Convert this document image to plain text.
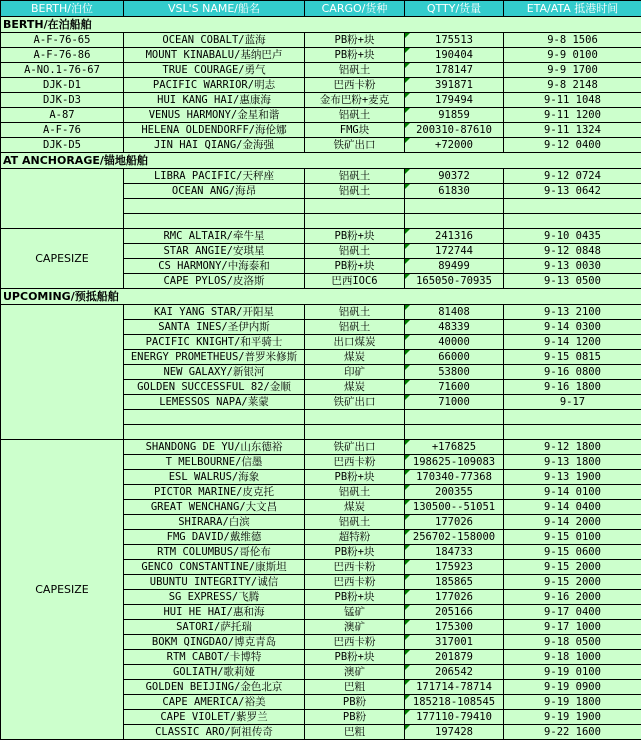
BERTH/泊位	VSL'S NAME/船名	CARGO/货种	QTTY/货量	ETA/ATA 抵港时间
BERTH/在泊船舶				
A-F-76-65	OCEAN COBALT/蓝海	PB粉+块	175513	9-8 1506
A-F-76-86	MOUNT KINABALU/基纳巴卢	PB粉+块	190404	9-9 0100
A-NO.1-76-67	TRUE COURAGE/勇气	铝矾土	178147	9-9 1700
DJK-D1	PACIFIC WARRIOR/明志	巴西卡粉	391871	9-8 2148
DJK-D3	HUI KANG HAI/惠康海	金布巴粉+麦克	179494	9-11 1048
A-87	VENUS HARMONY/金星和谐	铝矾土	91859	9-11 1200
A-F-76	HELENA OLDENDORFF/海伦娜	FMG块	200310-87610	9-11 1324
DJK-D5	JIN HAI QIANG/金海强	铁矿出口	+72000	9-12 0400
AT ANCHORAGE/锚地船舶				
	LIBRA PACIFIC/天秤座	铝矾土	90372	9-12 0724
	OCEAN ANG/海昂	铝矾土	61830	9-13 0642

CAPESIZE	RMC ALTAIR/牵牛星	PB粉+块	241316	9-10 0435
	STAR ANGIE/安琪星	铝矾土	172744	9-12 0848
	CS HARMONY/中海泰和	PB粉+块	89499	9-13 0030
	CAPE PYLOS/皮洛斯	巴西IOC6	165050-70935	9-13 0500
UPCOMING/预抵船舶				
	KAI YANG STAR/开阳星	铝矾土	81408	9-13 2100
	SANTA INES/圣伊内斯	铝矾土	48339	9-14 0300
	PACIFIC KNIGHT/和平骑士	出口煤炭	40000	9-14 1200
	ENERGY PROMETHEUS/普罗米修斯	煤炭	66000	9-15 0815
	NEW GALAXY/新银河	印矿	53800	9-16 0800
	GOLDEN SUCCESSFUL 82/金顺	煤炭	71600	9-16 1800
	LEMESSOS NAPA/莱蒙	铁矿出口	71000	9-17

CAPESIZE	SHANDONG DE YU/山东德裕	铁矿出口	+176825	9-12 1800
	T MELBOURNE/信墨	巴西卡粉	198625-109083	9-13 1800
	ESL WALRUS/海象	PB粉+块	170340-77368	9-13 1900
	PICTOR MARINE/皮克托	铝矾土	200355	9-14 0100
	GREAT WENCHANG/大文昌	煤炭	130500--51051	9-14 0400
	SHIRARA/白滨	铝矾土	177026	9-14 2000
	FMG DAVID/戴维德	超特粉	256702-158000	9-15 0100
	RTM COLUMBUS/哥伦布	PB粉+块	184733	9-15 0600
	GENCO CONSTANTINE/康斯坦	巴西卡粉	175923	9-15 2000
	UBUNTU INTEGRITY/诚信	巴西卡粉	185865	9-15 2000
	SG EXPRESS/飞腾	PB粉+块	177026	9-16 2000
	HUI HE HAI/惠和海	锰矿	205166	9-17 0400
	SATORI/萨托瑞	澳矿	175300	9-17 1000
	BOKM QINGDAO/博克青岛	巴西卡粉	317001	9-18 0500
	RTM CABOT/卡博特	PB粉+块	201879	9-18 1000
	GOLIATH/歌莉娅	澳矿	206542	9-19 0100
	GOLDEN BEIJING/金色北京	巴粗	171714-78714	9-19 0900
	CAPE AMERICA/裕美	PB粉	185218-108545	9-19 1800
	CAPE VIOLET/紫罗兰	PB粉	177110-79410	9-19 1900
	CLASSIC ARO/阿祖传奇	巴粗	197428	9-22 1600
